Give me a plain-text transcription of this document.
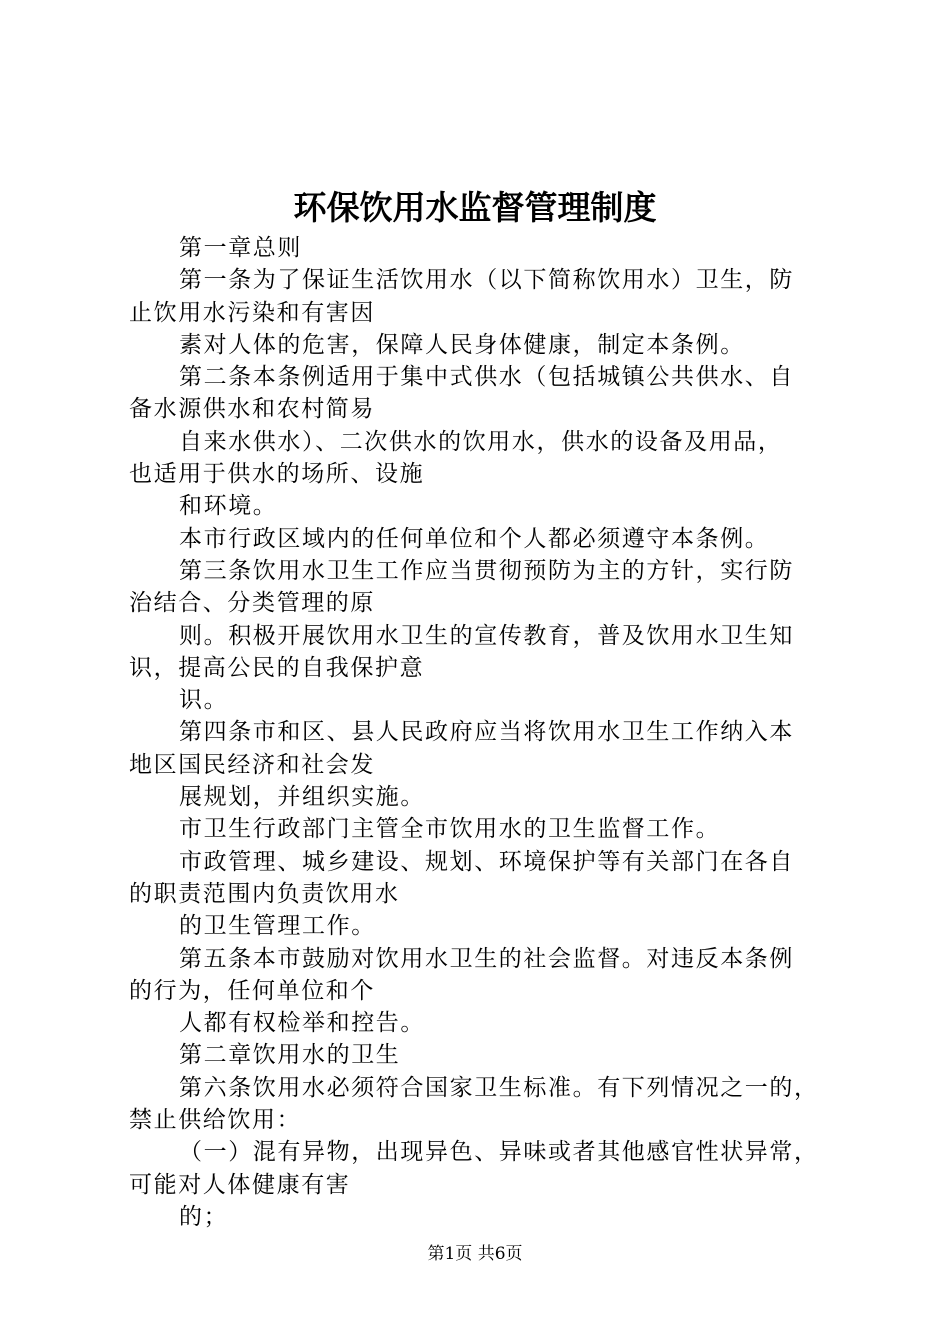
环保饮用水监督管理制度
第一章总则
第一条为了保证生活饮用水（以下简称饮用水）卫生，防
止饮用水污染和有害因
素对人体的危害，保障人民身体健康，制定本条例。
第二条本条例适用于集中式供水（包括城镇公共供水、自
备水源供水和农村简易
自来水供水）、二次供水的饮用水，供水的设备及用品，
也适用于供水的场所、设施
和环境。
本市行政区域内的任何单位和个人都必须遵守本条例。
第三条饮用水卫生工作应当贯彻预防为主的方针，实行防
治结合、分类管理的原
则。积极开展饮用水卫生的宣传教育，普及饮用水卫生知
识，提高公民的自我保护意
识。
第四条市和区、县人民政府应当将饮用水卫生工作纳入本
地区国民经济和社会发
展规划，并组织实施。
市卫生行政部门主管全市饮用水的卫生监督工作。
市政管理、城乡建设、规划、环境保护等有关部门在各自
的职责范围内负责饮用水
的卫生管理工作。
第五条本市鼓励对饮用水卫生的社会监督。对违反本条例
的行为，任何单位和个
人都有权检举和控告。
第二章饮用水的卫生
第六条饮用水必须符合国家卫生标准。有下列情况之一的，
禁止供给饮用：
（一）混有异物，出现异色、异味或者其他感官性状异常，
可能对人体健康有害
的；
第1页 共6页
